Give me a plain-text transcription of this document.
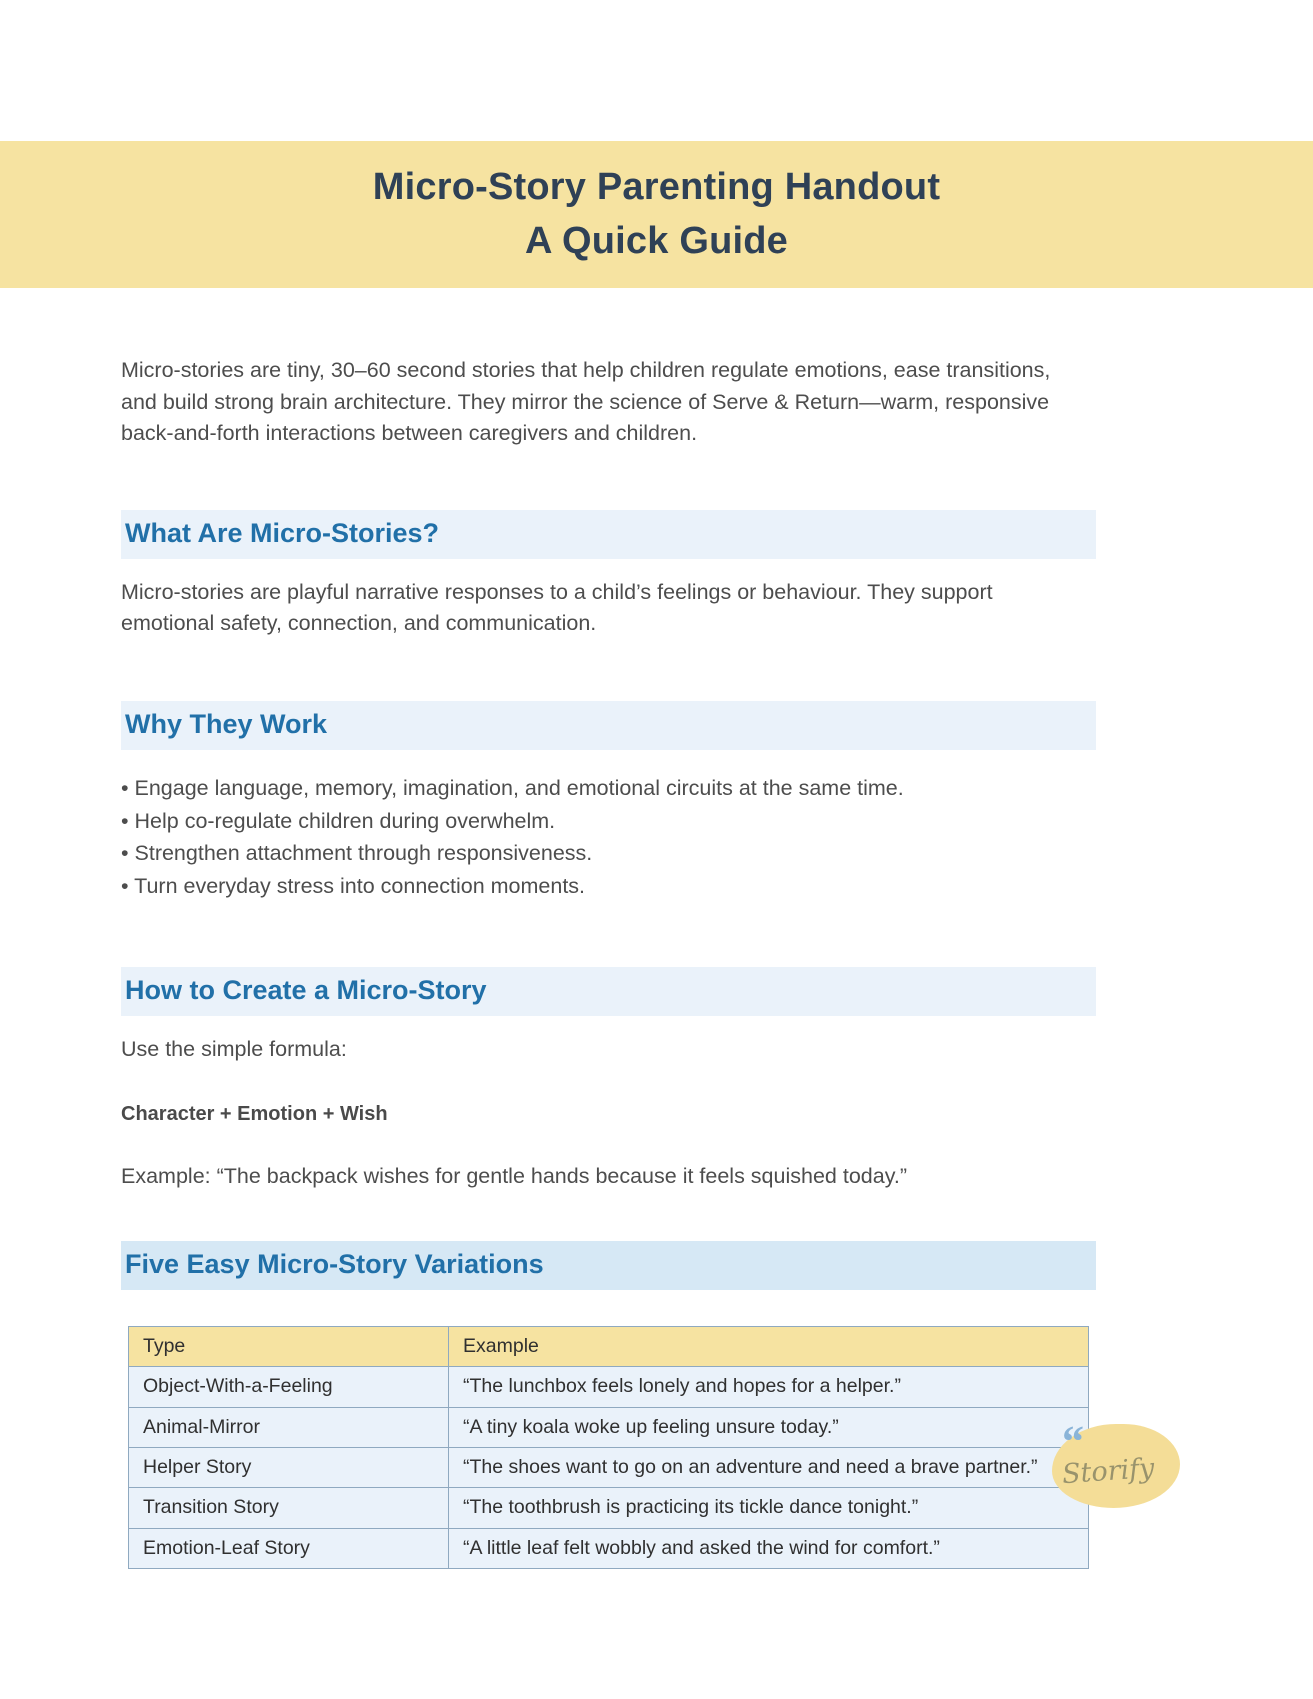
Micro-Story Parenting Handout
A Quick Guide

Micro-stories are tiny, 30–60 second stories that help children regulate emotions, ease transitions, and build strong brain architecture. They mirror the science of Serve & Return—warm, responsive back-and-forth interactions between caregivers and children.

What Are Micro-Stories?

Micro-stories are playful narrative responses to a child’s feelings or behaviour. They support emotional safety, connection, and communication.

Why They Work
• Engage language, memory, imagination, and emotional circuits at the same time.
• Help co-regulate children during overwhelm.
• Strengthen attachment through responsiveness.
• Turn everyday stress into connection moments.
How to Create a Micro-Story

Use the simple formula:

Character + Emotion + Wish

Example: “The backpack wishes for gentle hands because it feels squished today.”

Five Easy Micro-Story Variations
Type	Example
Object-With-a-Feeling	“The lunchbox feels lonely and hopes for a helper.”
Animal-Mirror	“A tiny koala woke up feeling unsure today.”
Helper Story	“The shoes want to go on an adventure and need a brave partner.”
Transition Story	“The toothbrush is practicing its tickle dance tonight.”
Emotion-Leaf Story	“A little leaf felt wobbly and asked the wind for comfort.”
“
Storify
